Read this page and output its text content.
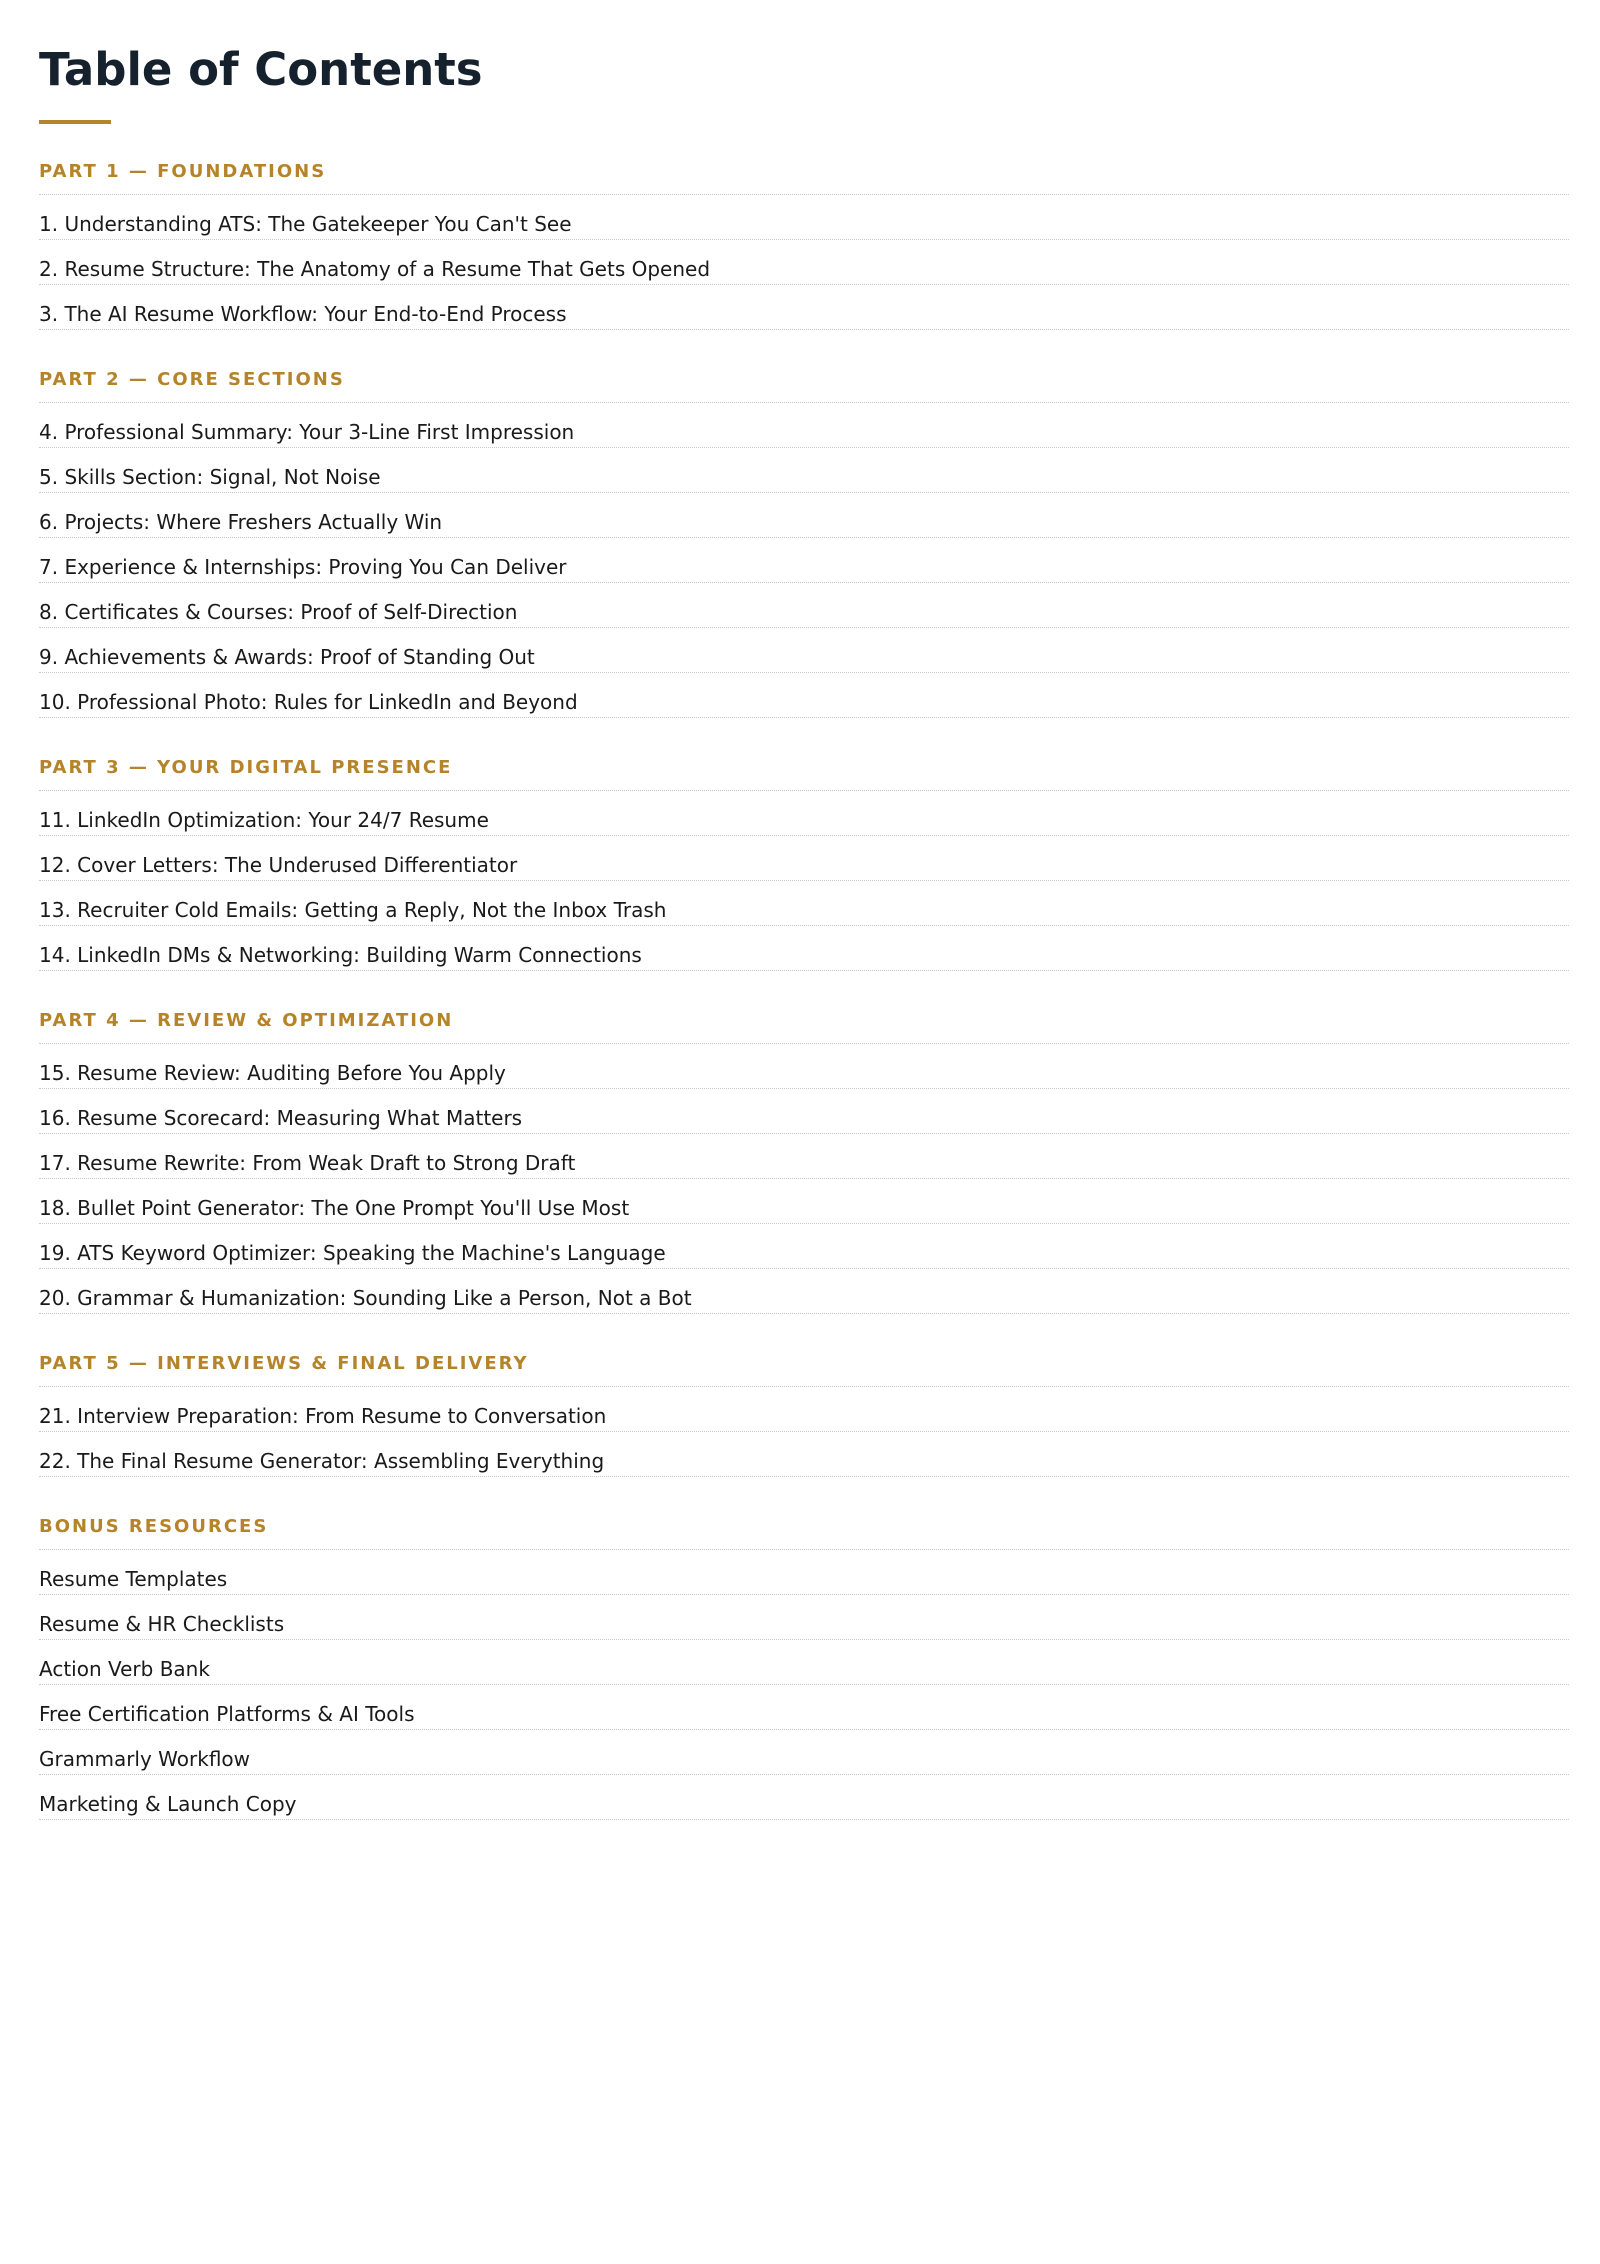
Table of Contents
PART 1 — FOUNDATIONS
1. Understanding ATS: The Gatekeeper You Can't See
2. Resume Structure: The Anatomy of a Resume That Gets Opened
3. The AI Resume Workflow: Your End-to-End Process
PART 2 — CORE SECTIONS
4. Professional Summary: Your 3-Line First Impression
5. Skills Section: Signal, Not Noise
6. Projects: Where Freshers Actually Win
7. Experience & Internships: Proving You Can Deliver
8. Certificates & Courses: Proof of Self-Direction
9. Achievements & Awards: Proof of Standing Out
10. Professional Photo: Rules for LinkedIn and Beyond
PART 3 — YOUR DIGITAL PRESENCE
11. LinkedIn Optimization: Your 24/7 Resume
12. Cover Letters: The Underused Differentiator
13. Recruiter Cold Emails: Getting a Reply, Not the Inbox Trash
14. LinkedIn DMs & Networking: Building Warm Connections
PART 4 — REVIEW & OPTIMIZATION
15. Resume Review: Auditing Before You Apply
16. Resume Scorecard: Measuring What Matters
17. Resume Rewrite: From Weak Draft to Strong Draft
18. Bullet Point Generator: The One Prompt You'll Use Most
19. ATS Keyword Optimizer: Speaking the Machine's Language
20. Grammar & Humanization: Sounding Like a Person, Not a Bot
PART 5 — INTERVIEWS & FINAL DELIVERY
21. Interview Preparation: From Resume to Conversation
22. The Final Resume Generator: Assembling Everything
BONUS RESOURCES
Resume Templates
Resume & HR Checklists
Action Verb Bank
Free Certification Platforms & AI Tools
Grammarly Workflow
Marketing & Launch Copy
